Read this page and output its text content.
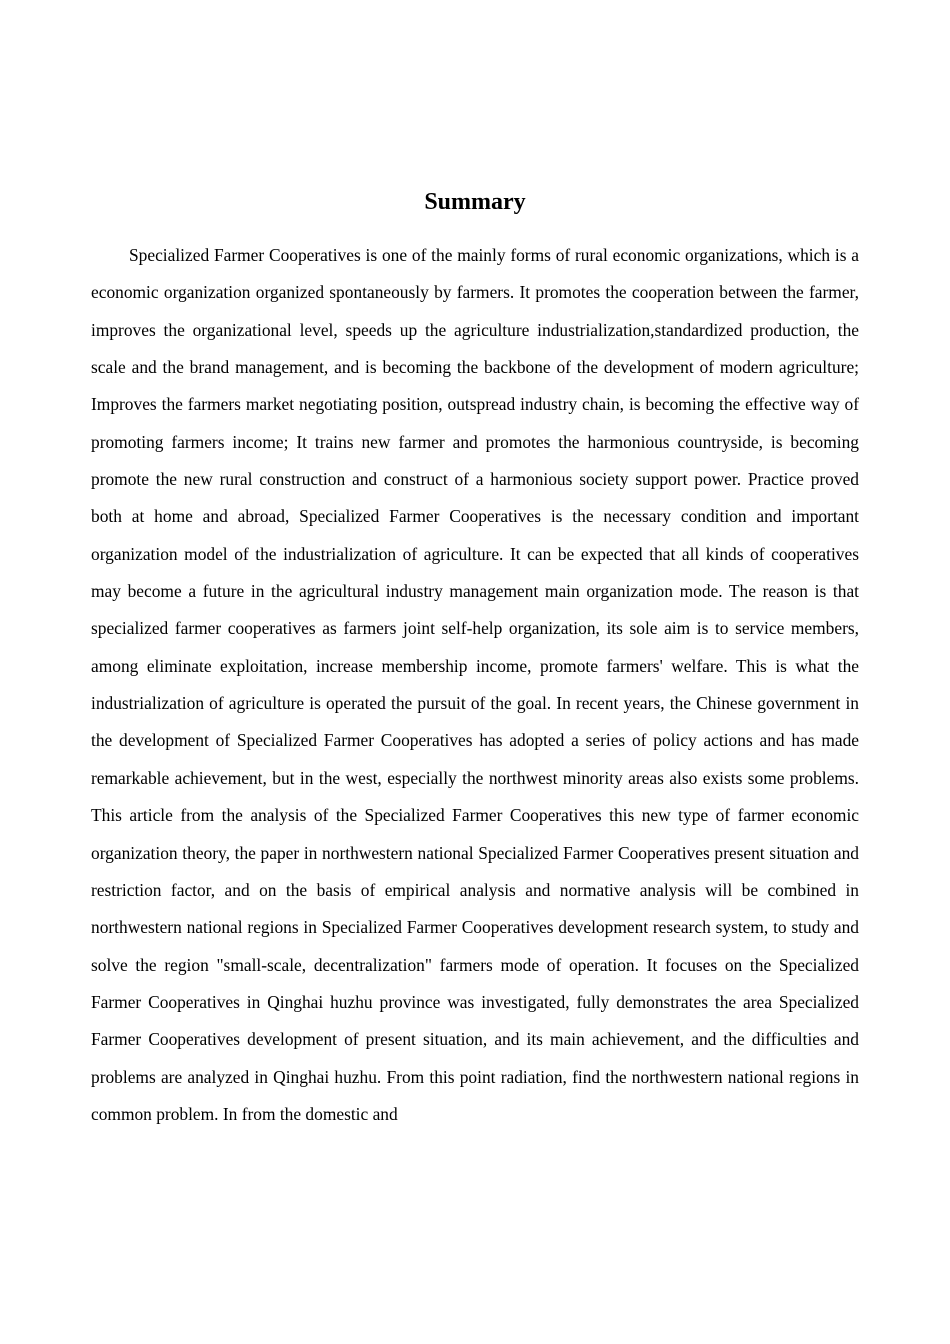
Summary

Specialized Farmer Cooperatives is one of the mainly forms of rural economic organizations, which is a economic organization organized spontaneously by farmers. It promotes the cooperation between the farmer, improves the organizational level, speeds up the agriculture industrialization,standardized production, the scale and the brand management, and is becoming the backbone of the development of modern agriculture; Improves the farmers market negotiating position, outspread industry chain, is becoming the effective way of promoting farmers income; It trains new farmer and promotes the harmonious countryside, is becoming promote the new rural construction and construct of a harmonious society support power. Practice proved both at home and abroad, Specialized Farmer Cooperatives is the necessary condition and important organization model of the industrialization of agriculture. It can be expected that all kinds of cooperatives may become a future in the agricultural industry management main organization mode. The reason is that specialized farmer cooperatives as farmers joint self-help organization, its sole aim is to service members, among eliminate exploitation, increase membership income, promote farmers' welfare. This is what the industrialization of agriculture is operated the pursuit of the goal. In recent years, the Chinese government in the development of Specialized Farmer Cooperatives has adopted a series of policy actions and has made remarkable achievement, but in the west, especially the northwest minority areas also exists some problems. This article from the analysis of the Specialized Farmer Cooperatives this new type of farmer economic organization theory, the paper in northwestern national Specialized Farmer Cooperatives present situation and restriction factor, and on the basis of empirical analysis and normative analysis will be combined in northwestern national regions in Specialized Farmer Cooperatives development research system, to study and solve the region "small-scale, decentralization" farmers mode of operation. It focuses on the Specialized Farmer Cooperatives in Qinghai huzhu province was investigated, fully demonstrates the area Specialized Farmer Cooperatives development of present situation, and its main achievement, and the difficulties and problems are analyzed in Qinghai huzhu. From this point radiation, find the northwestern national regions in common problem. In from the domestic and
